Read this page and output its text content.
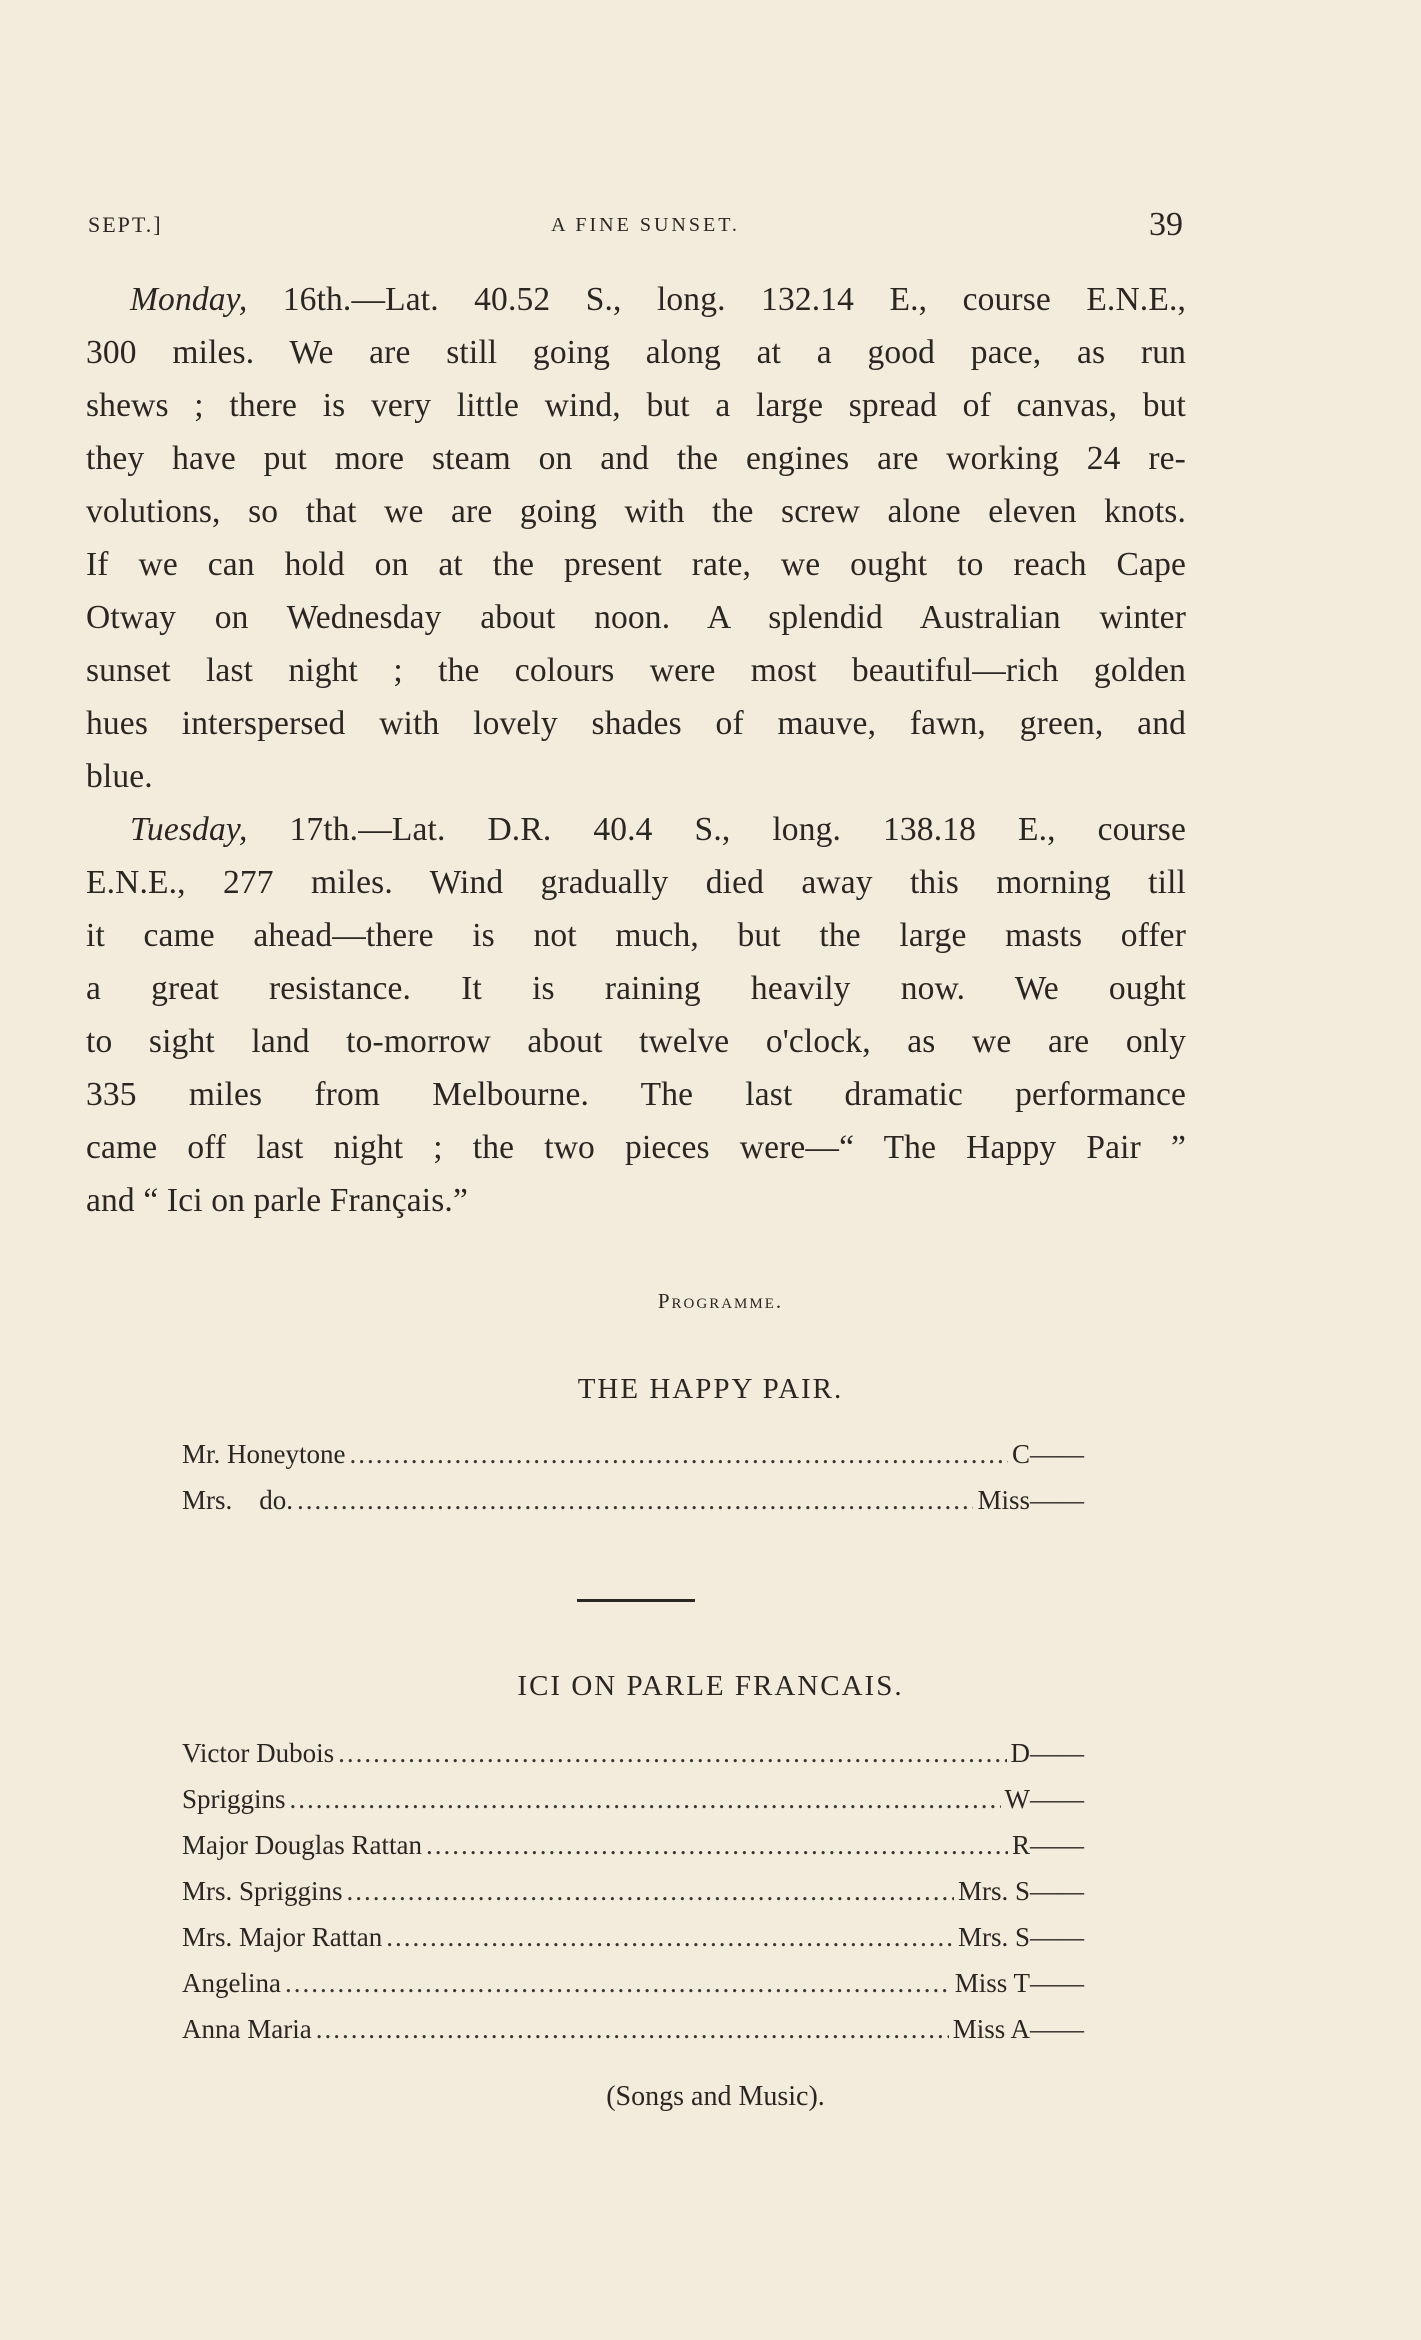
SEPT.]	A FINE SUNSET.	39
Monday, 16th.—Lat. 40.52 S., long. 132.14 E., course E.N.E.,
300 miles. We are still going along at a good pace, as run
shews ; there is very little wind, but a large spread of canvas, but
they have put more steam on and the engines are working 24 re-
volutions, so that we are going with the screw alone eleven knots.
If we can hold on at the present rate, we ought to reach Cape
Otway on Wednesday about noon. A splendid Australian winter
sunset last night ; the colours were most beautiful—rich golden
hues interspersed with lovely shades of mauve, fawn, green, and
blue.
Tuesday, 17th.—Lat. D.R. 40.4 S., long. 138.18 E., course
E.N.E., 277 miles. Wind gradually died away this morning till
it came ahead—there is not much, but the large masts offer
a great resistance. It is raining heavily now. We ought
to sight land to-morrow about twelve o'clock, as we are only
335 miles from Melbourne. The last dramatic performance
came off last night ; the two pieces were—“ The Happy Pair ”
and “ Ici on parle Français.”
Programme.
THE HAPPY PAIR.
Mr. Honeytone .....	C——
Mrs.    do. .....	Miss——
ICI ON PARLE FRANCAIS.
Victor Dubois .....	D——
Spriggins .....	W——
Major Douglas Rattan .....	R——
Mrs. Spriggins .....	Mrs. S——
Mrs. Major Rattan .....	Mrs. S——
Angelina .....	Miss T——
Anna Maria .....	Miss A——
(Songs and Music).
